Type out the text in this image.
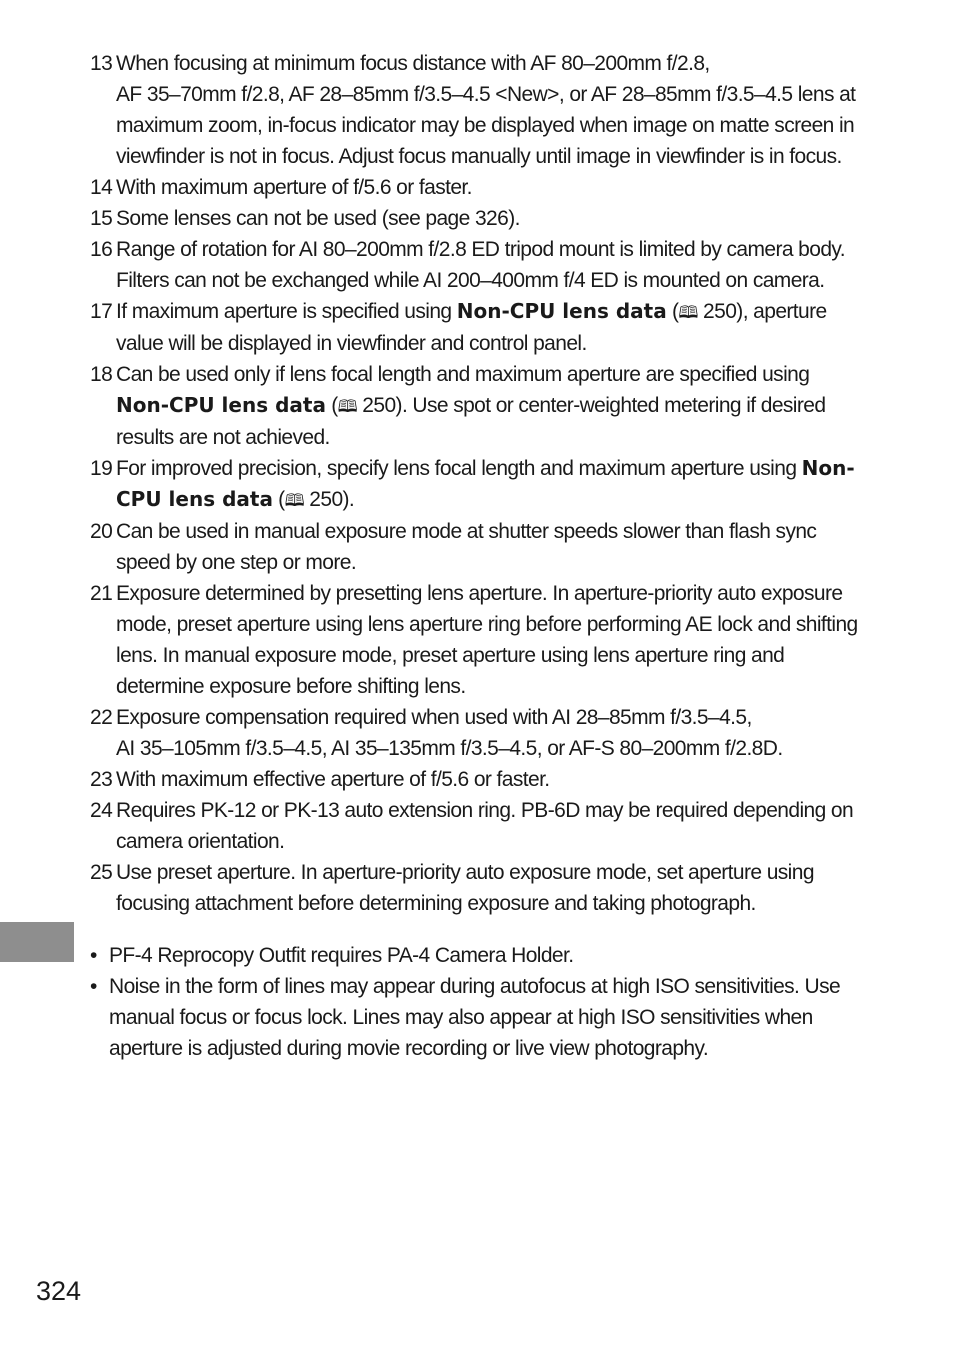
13 When focusing at minimum focus distance with AF 80–200mm f/2.8,
AF 35–70mm f/2.8, AF 28–85mm f/3.5–4.5 <New>, or AF 28–85mm f/3.5–4.5 lens at maximum zoom, in-focus indicator may be displayed when image on matte screen in viewfinder is not in focus. Adjust focus manually until image in viewfinder is in focus.
14 With maximum aperture of f/5.6 or faster.
15 Some lenses can not be used (see page 326).
16 Range of rotation for AI 80–200mm f/2.8 ED tripod mount is limited by camera body. Filters can not be exchanged while AI 200–400mm f/4 ED is mounted on camera.
17 If maximum aperture is specified using Non-CPU lens data (🕮 250), aperture value will be displayed in viewfinder and control panel.
18 Can be used only if lens focal length and maximum aperture are specified using Non-CPU lens data (🕮 250). Use spot or center-weighted metering if desired results are not achieved.
19 For improved precision, specify lens focal length and maximum aperture using Non-CPU lens data (🕮 250).
20 Can be used in manual exposure mode at shutter speeds slower than flash sync speed by one step or more.
21 Exposure determined by presetting lens aperture. In aperture-priority auto exposure mode, preset aperture using lens aperture ring before performing AE lock and shifting lens. In manual exposure mode, preset aperture using lens aperture ring and determine exposure before shifting lens.
22 Exposure compensation required when used with AI 28–85mm f/3.5–4.5,
AI 35–105mm f/3.5–4.5, AI 35–135mm f/3.5–4.5, or AF-S 80–200mm f/2.8D.
23 With maximum effective aperture of f/5.6 or faster.
24 Requires PK-12 or PK-13 auto extension ring. PB-6D may be required depending on camera orientation.
25 Use preset aperture. In aperture-priority auto exposure mode, set aperture using focusing attachment before determining exposure and taking photograph.
• PF-4 Reprocopy Outfit requires PA-4 Camera Holder.
• Noise in the form of lines may appear during autofocus at high ISO sensitivities. Use manual focus or focus lock. Lines may also appear at high ISO sensitivities when aperture is adjusted during movie recording or live view photography.
324
